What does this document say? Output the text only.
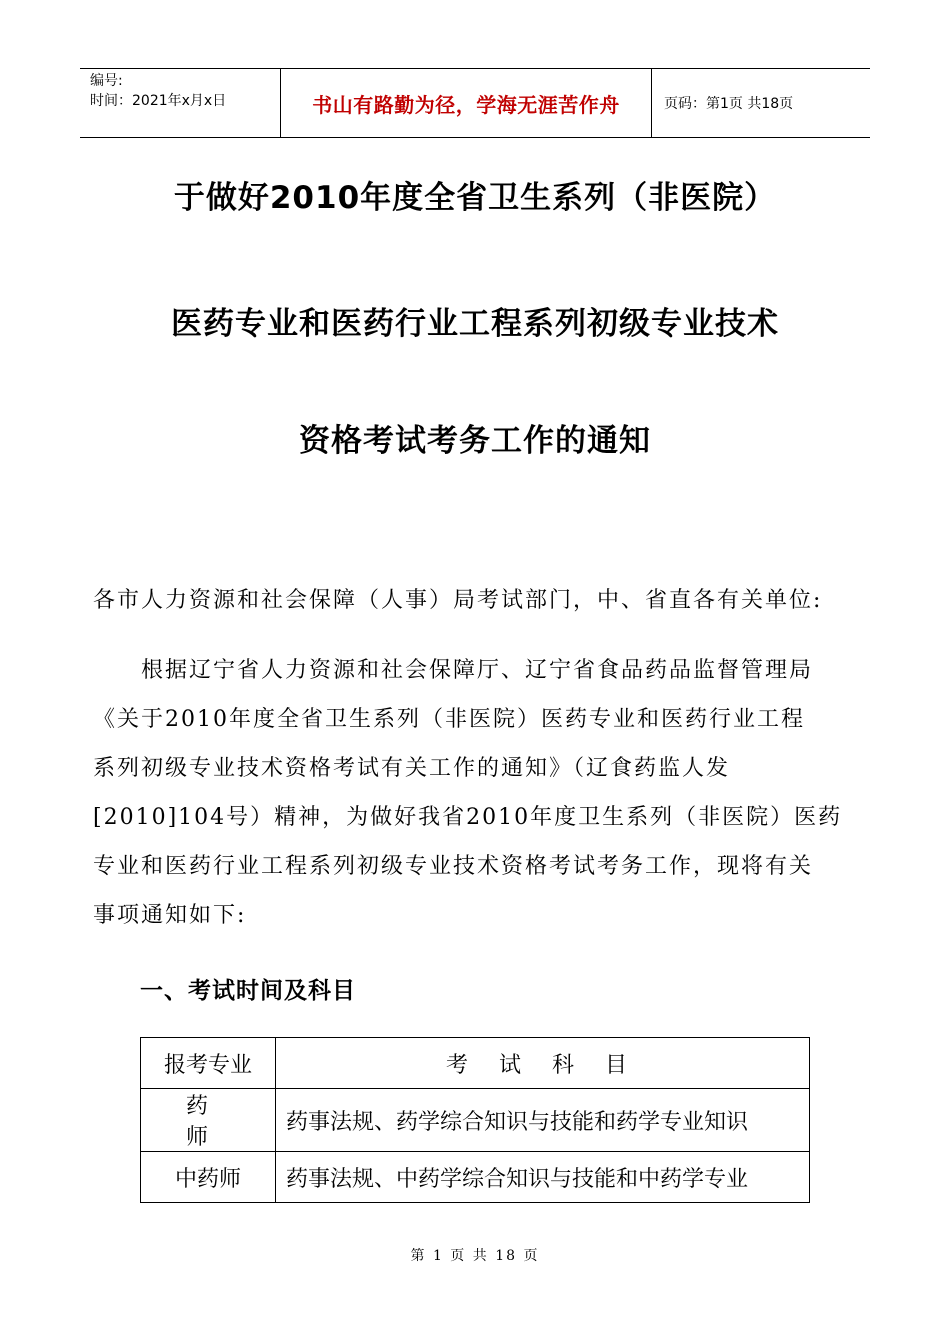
编号:
时间：2021年x月x日	书山有路勤为径，学海无涯苦作舟	页码：第1页 共18页
于做好2010年度全省卫生系列（非医院）
医药专业和医药行业工程系列初级专业技术
资格考试考务工作的通知
各市人力资源和社会保障（人事）局考试部门，中、省直各有关单位:

　　根据辽宁省人力资源和社会保障厅、辽宁省食品药品监督管理局

《关于2010年度全省卫生系列（非医院）医药专业和医药行业工程

系列初级专业技术资格考试有关工作的通知》（辽食药监人发

[2010]104号）精神，为做好我省2010年度卫生系列（非医院）医药

专业和医药行业工程系列初级专业技术资格考试考务工作，现将有关

事项通知如下:

一、考试时间及科目
报考专业	考 试 科 目
药 师	药事法规、药学综合知识与技能和药学专业知识
中药师	药事法规、中药学综合知识与技能和中药学专业
第 1 页 共 18 页
